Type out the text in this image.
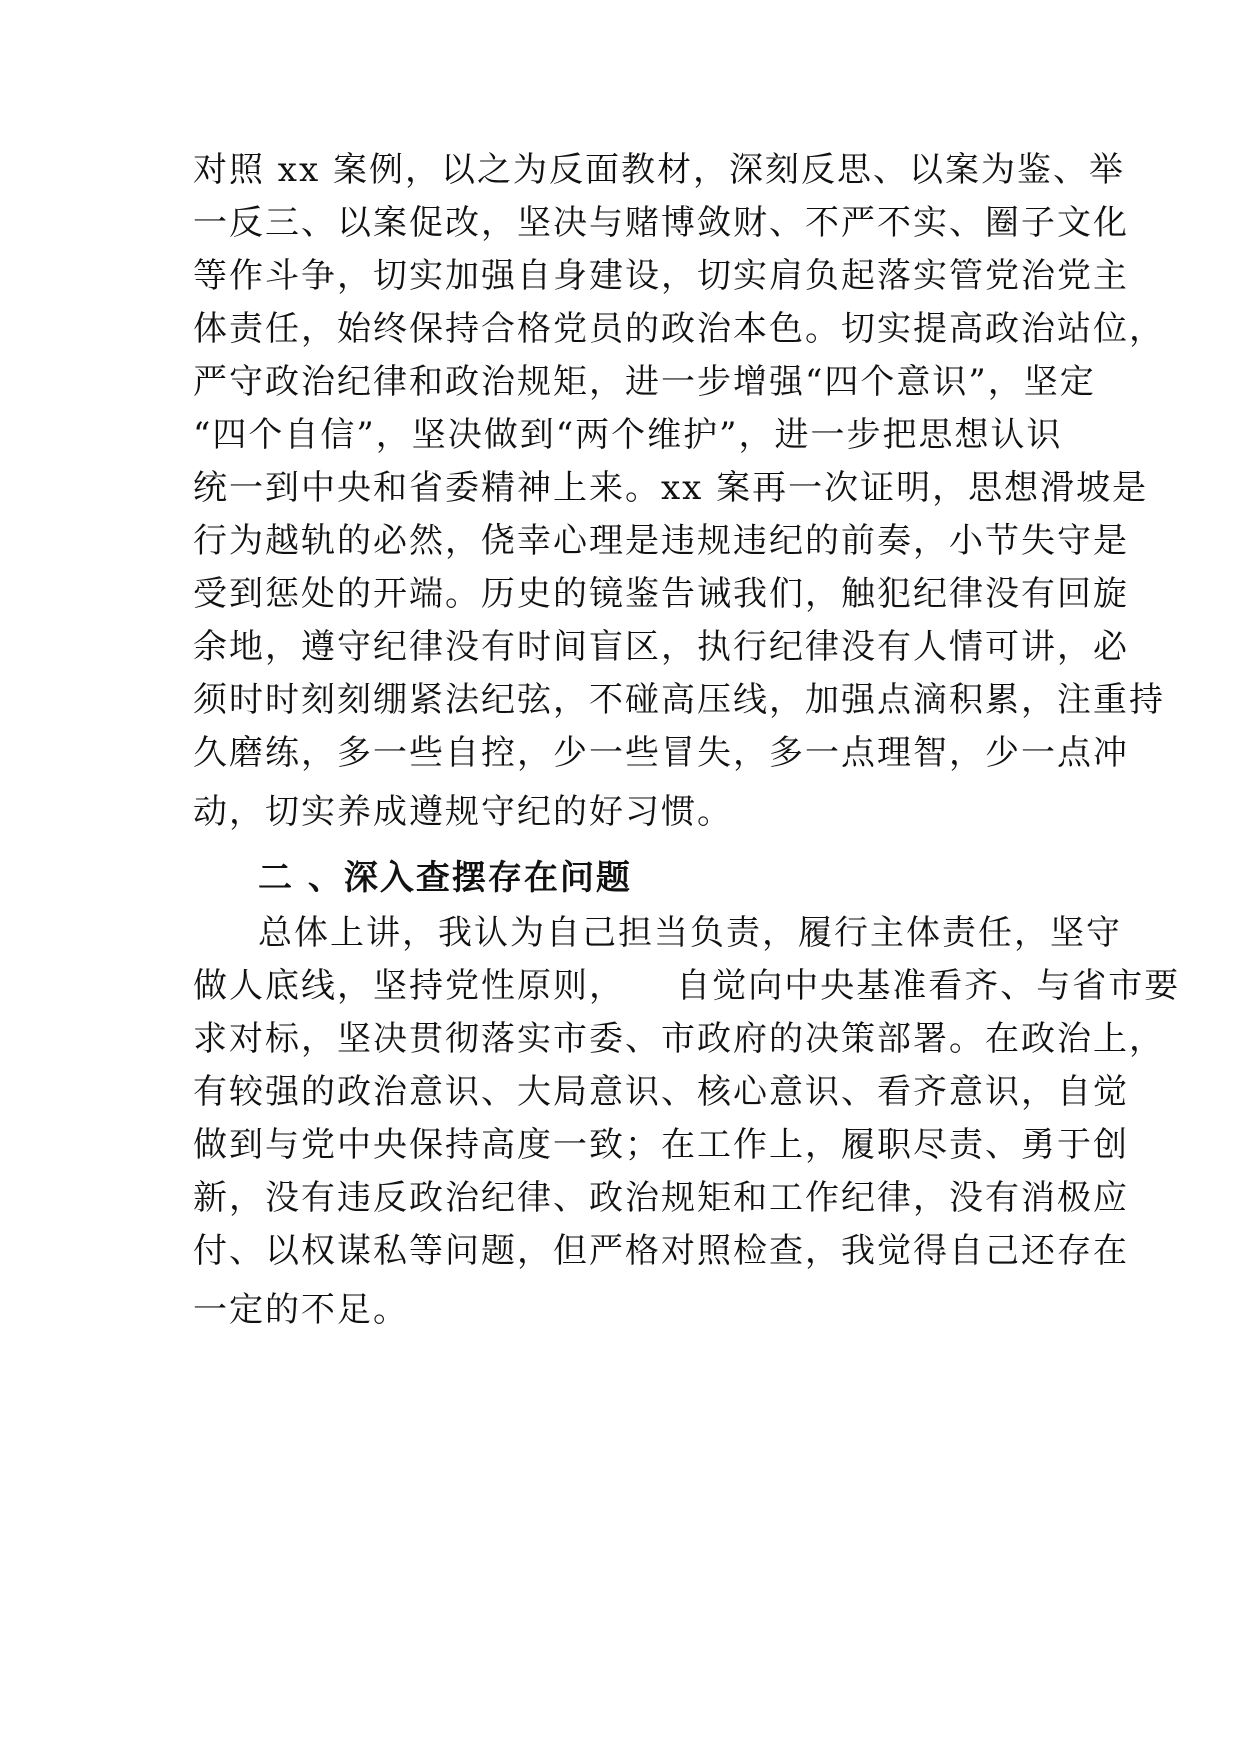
对照 xx 案例，以之为反面教材，深刻反思、以案为鉴、举
一反三、以案促改，坚决与赌博敛财、不严不实、圈子文化
等作斗争，切实加强自身建设，切实肩负起落实管党治党主
体责任，始终保持合格党员的政治本色。切实提高政治站位，
严守政治纪律和政治规矩，进一步增强“四个意识”，坚定
“四个自信”，坚决做到“两个维护”，进一步把思想认识
统一到中央和省委精神上来。xx 案再一次证明，思想滑坡是
行为越轨的必然，侥幸心理是违规违纪的前奏，小节失守是
受到惩处的开端。历史的镜鉴告诫我们，触犯纪律没有回旋
余地，遵守纪律没有时间盲区，执行纪律没有人情可讲，必
须时时刻刻绷紧法纪弦，不碰高压线，加强点滴积累，注重持
久磨练，多一些自控，少一些冒失，多一点理智，少一点冲
动，切实养成遵规守纪的好习惯。
二 、深入查摆存在问题
总体上讲，我认为自己担当负责，履行主体责任，坚守
做人底线，坚持党性原则，    自觉向中央基准看齐、与省市要
求对标，坚决贯彻落实市委、市政府的决策部署。在政治上，
有较强的政治意识、大局意识、核心意识、看齐意识，自觉
做到与党中央保持高度一致；在工作上，履职尽责、勇于创
新，没有违反政治纪律、政治规矩和工作纪律，没有消极应
付、以权谋私等问题，但严格对照检查，我觉得自己还存在
一定的不足。
